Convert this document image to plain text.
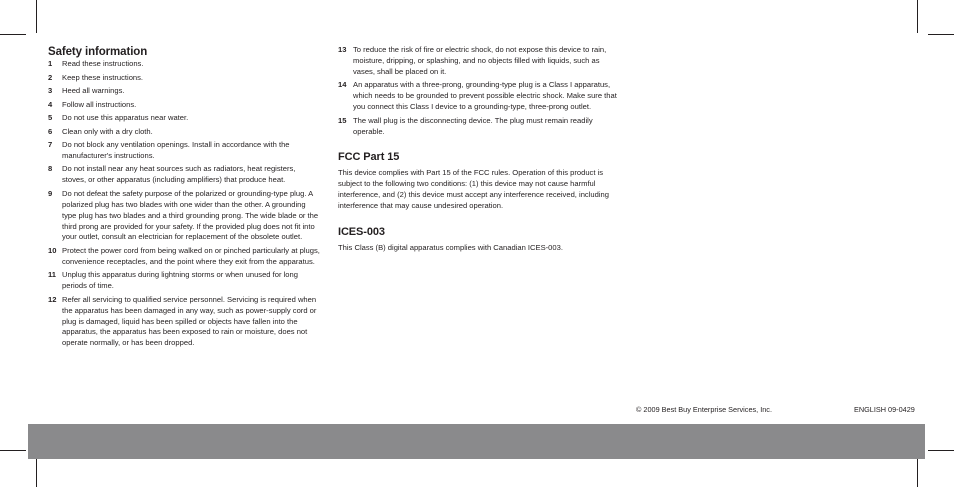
Safety information
1	Read these instructions.
2	Keep these instructions.
3	Heed all warnings.
4	Follow all instructions.
5	Do not use this apparatus near water.
6	Clean only with a dry cloth.
7	Do not block any ventilation openings. Install in accordance with the manufacturer's instructions.
8	Do not install near any heat sources such as radiators, heat registers, stoves, or other apparatus (including amplifiers) that produce heat.
9	Do not defeat the safety purpose of the polarized or grounding-type plug. A polarized plug has two blades with one wider than the other. A grounding type plug has two blades and a third grounding prong. The wide blade or the third prong are provided for your safety. If the provided plug does not fit into your outlet, consult an electrician for replacement of the obsolete outlet.
10 Protect the power cord from being walked on or pinched particularly at plugs, convenience receptacles, and the point where they exit from the apparatus.
11 Unplug this apparatus during lightning storms or when unused for long periods of time.
12 Refer all servicing to qualified service personnel. Servicing is required when the apparatus has been damaged in any way, such as power-supply cord or plug is damaged, liquid has been spilled or objects have fallen into the apparatus, the apparatus has been exposed to rain or moisture, does not operate normally, or has been dropped.
13 To reduce the risk of fire or electric shock, do not expose this device to rain, moisture, dripping, or splashing, and no objects filled with liquids, such as vases, shall be placed on it.
14 An apparatus with a three-prong, grounding-type plug is a Class I apparatus, which needs to be grounded to prevent possible electric shock. Make sure that you connect this Class I device to a grounding-type, three-prong outlet.
15 The wall plug is the disconnecting device. The plug must remain readily operable.
FCC Part 15
This device complies with Part 15 of the FCC rules. Operation of this product is subject to the following two conditions: (1) this device may not cause harmful interference, and (2) this device must accept any interference received, including interference that may cause undesired operation.
ICES-003
This Class (B) digital apparatus complies with Canadian ICES-003.
© 2009 Best Buy Enterprise Services, Inc.	ENGLISH 09-0429
